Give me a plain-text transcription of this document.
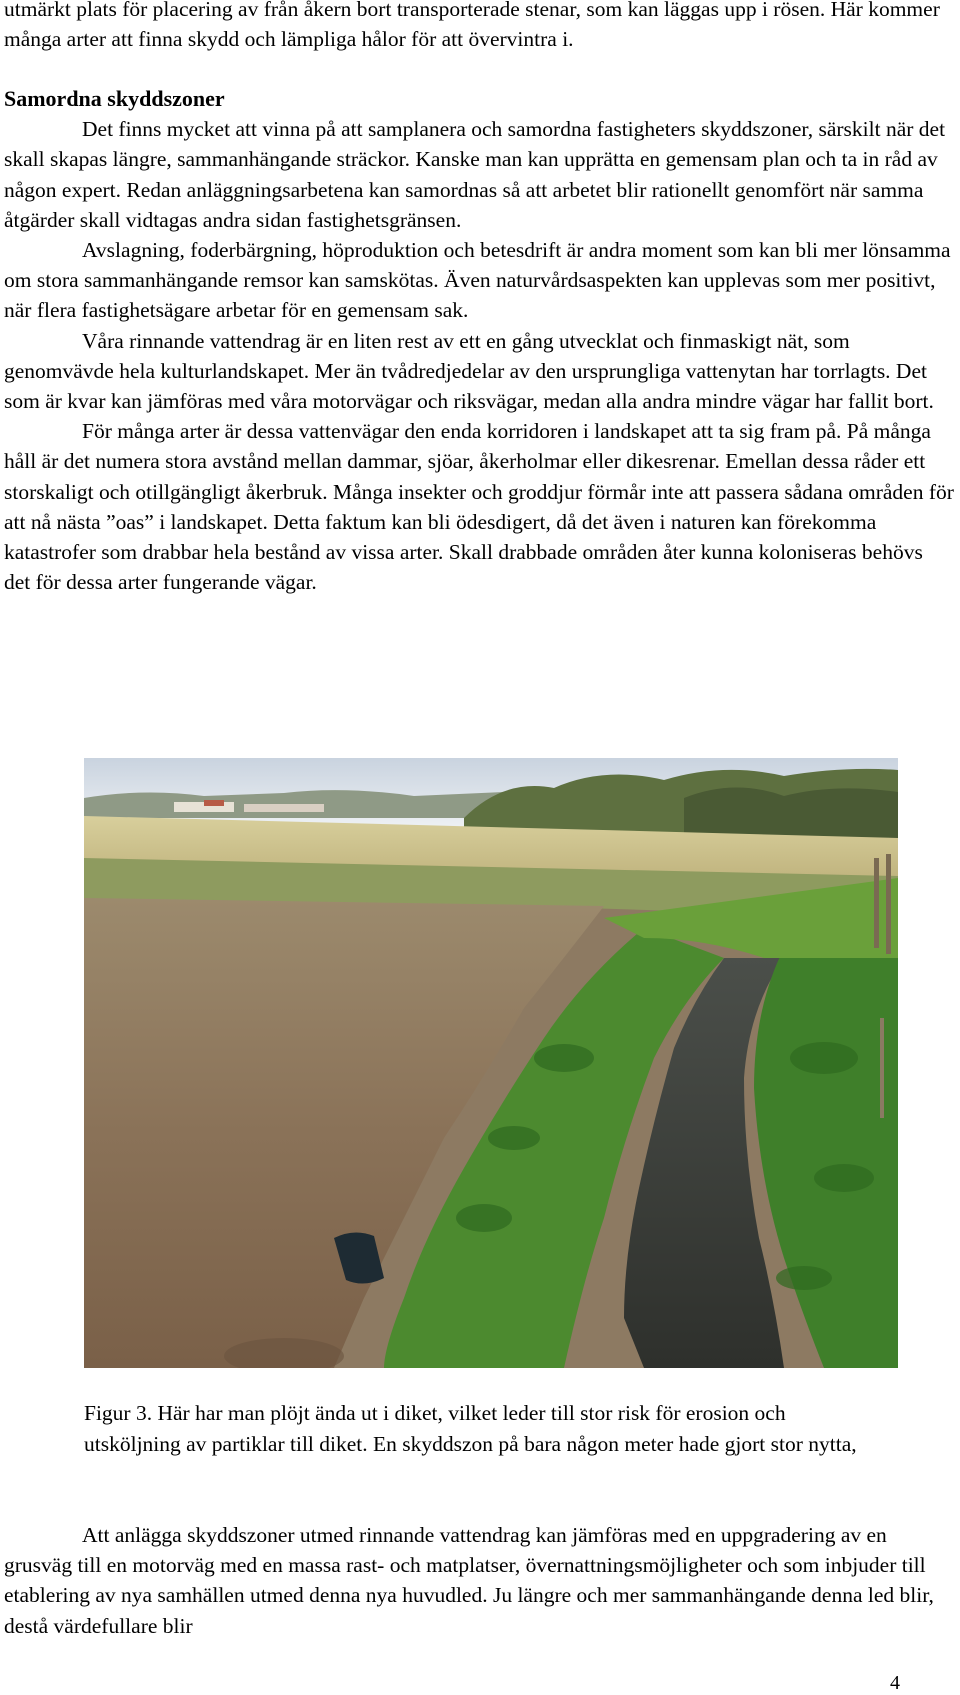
utmärkt plats för placering av från åkern bort transporterade stenar, som kan läggas upp i rösen. Här kommer många arter att finna skydd och lämpliga hålor för att övervintra i.

Samordna skyddszoner

Det finns mycket att vinna på att samplanera och samordna fastigheters skyddszoner, särskilt när det skall skapas längre, sammanhängande sträckor. Kanske man kan upprätta en gemensam plan och ta in råd av någon expert. Redan anläggningsarbetena kan samordnas så att arbetet blir rationellt genomfört när samma åtgärder skall vidtagas andra sidan fastighetsgränsen.

Avslagning, foderbärgning, höproduktion och betesdrift är andra moment som kan bli mer lönsamma om stora sammanhängande remsor kan samskötas. Även naturvårdsaspekten kan upplevas som mer positivt, när flera fastighetsägare arbetar för en gemensam sak.

Våra rinnande vattendrag är en liten rest av ett en gång utvecklat och finmaskigt nät, som genomvävde hela kulturlandskapet. Mer än tvådredjedelar av den ursprungliga vattenytan har torrlagts. Det som är kvar kan jämföras med våra motorvägar och riksvägar, medan alla andra mindre vägar har fallit bort.

För många arter är dessa vattenvägar den enda korridoren i landskapet att ta sig fram på. På många håll är det numera stora avstånd mellan dammar, sjöar, åkerholmar eller dikesrenar. Emellan dessa råder ett storskaligt och otillgängligt åkerbruk. Många insekter och groddjur förmår inte att passera sådana områden för att nå nästa ”oas” i landskapet. Detta faktum kan bli ödesdigert, då det även i naturen kan förekomma katastrofer som drabbar hela bestånd av vissa arter. Skall drabbade områden åter kunna koloniseras behövs det för dessa arter fungerande vägar.

Figur 3. Här har man plöjt ända ut i diket, vilket leder till stor risk för erosion och utsköljning av partiklar till diket. En skyddszon på bara någon meter hade gjort stor nytta,

Att anlägga skyddszoner utmed rinnande vattendrag kan jämföras med en uppgradering av en grusväg till en motorväg med en massa rast- och matplatser, övernattningsmöjligheter och som inbjuder till etablering av nya samhällen utmed denna nya huvudled. Ju längre och mer sammanhängande denna led blir, destå värdefullare blir

4
